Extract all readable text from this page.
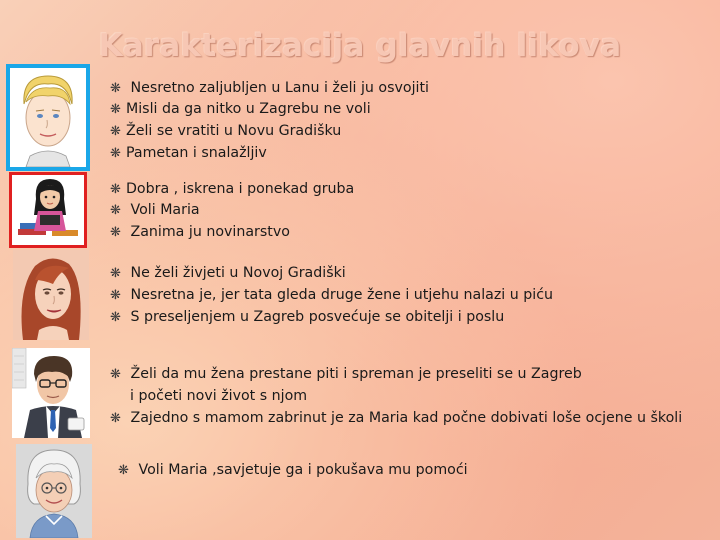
Karakterizacija glavnih likova
❋ Nesretno zaljubljen u Lanu i želi ju osvojiti
❋ Misli da ga nitko u Zagrebu ne voli
❋ Želi se vratiti u Novu Gradišku
❋ Pametan i snalažljiv
❋ Dobra , iskrena i ponekad gruba
❋ Voli Maria
❋ Zanima ju novinarstvo
❋ Ne želi živjeti u Novoj Gradiški
❋ Nesretna je, jer tata gleda druge žene i utjehu nalazi u piću
❋ S preseljenjem u Zagreb posvećuje se obitelji i poslu
❋ Želi da mu žena prestane piti i spreman je preseliti se u Zagreb
i početi novi život s njom
❋ Zajedno s mamom zabrinut je za Maria kad počne dobivati loše ocjene u školi
❋ Voli Maria ,savjetuje ga i pokušava mu pomoći
